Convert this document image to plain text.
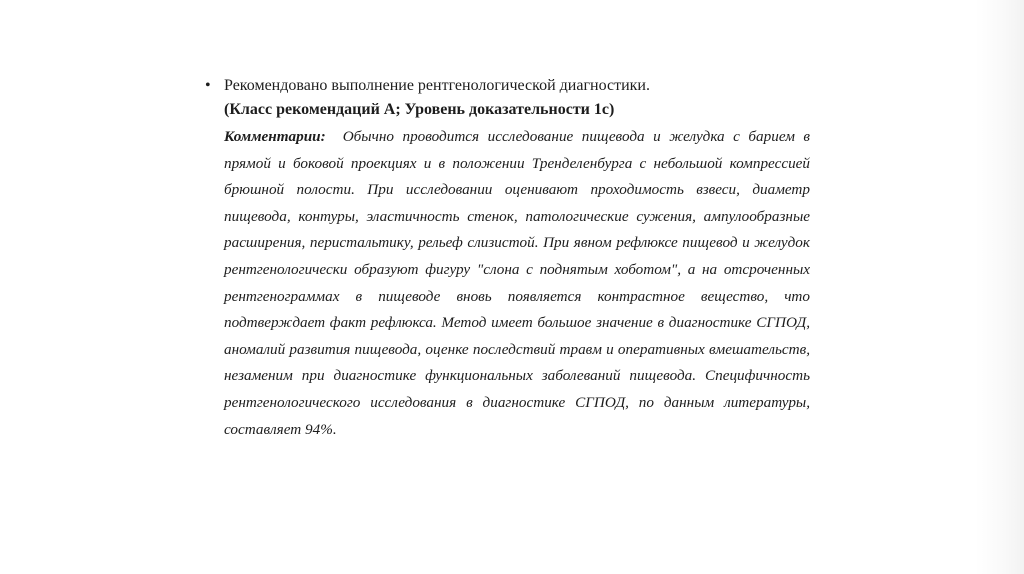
• Рекомендовано выполнение рентгенологической диагностики.
(Класс рекомендаций А; Уровень доказательности 1с)
Комментарии: Обычно проводится исследование пищевода и желудка с барием в прямой и боковой проекциях и в положении Тренделенбурга с небольшой компрессией брюшной полости. При исследовании оценивают проходимость взвеси, диаметр пищевода, контуры, эластичность стенок, патологические сужения, ампулообразные расширения, перистальтику, рельеф слизистой. При явном рефлюксе пищевод и желудок рентгенологически образуют фигуру "слона с поднятым хоботом", а на отсроченных рентгенограммах в пищеводе вновь появляется контрастное вещество, что подтверждает факт рефлюкса. Метод имеет большое значение в диагностике СГПОД, аномалий развития пищевода, оценке последствий травм и оперативных вмешательств, незаменим при диагностике функциональных заболеваний пищевода. Специфичность рентгенологического исследования в диагностике СГПОД, по данным литературы, составляет 94%.
